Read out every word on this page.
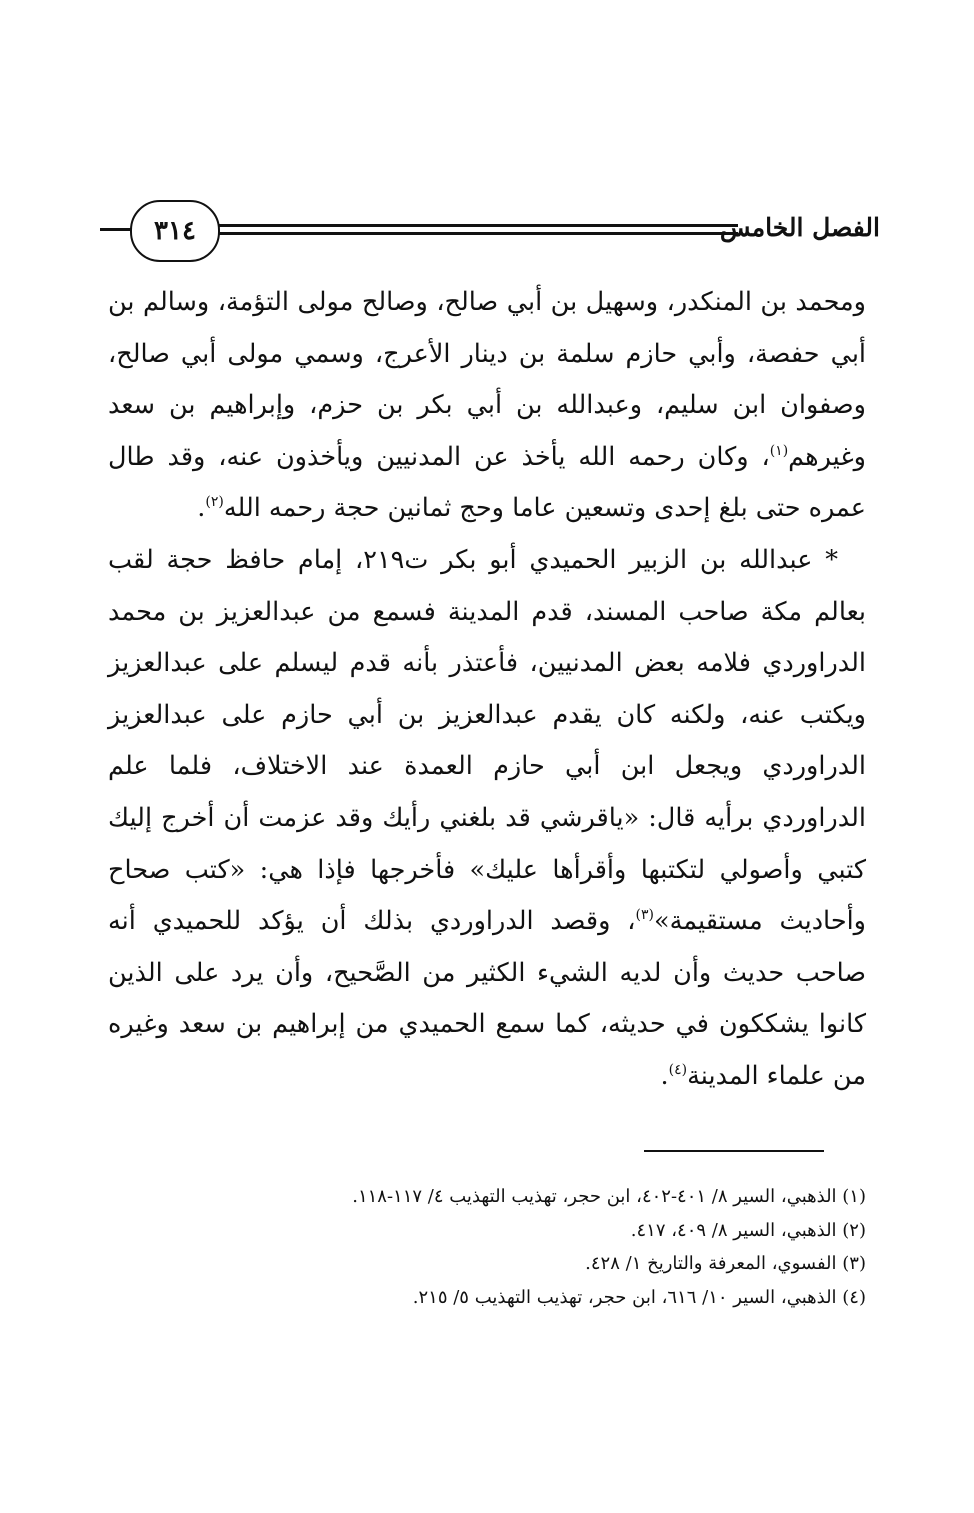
٣١٤	الفصل الخامس

ومحمد بن المنكدر، وسهيل بن أبي صالح، وصالح مولى التؤمة، وسالم بن أبي حفصة، وأبي حازم سلمة بن دينار الأعرج، وسمي مولى أبي صالح، وصفوان ابن سليم، وعبدالله بن أبي بكر بن حزم، وإبراهيم بن سعد وغيرهم$^{(١)}$، وكان رحمه الله يأخذ عن المدنيين ويأخذون عنه، وقد طال عمره حتى بلغ إحدى وتسعين عاما وحج ثمانين حجة رحمه الله$^{(٢)}$.

* عبدالله بن الزبير الحميدي أبو بكر ت٢١٩، إمام حافظ حجة لقب بعالم مكة صاحب المسند، قدم المدينة فسمع من عبدالعزيز بن محمد الدراوردي فلامه بعض المدنيين، فأعتذر بأنه قدم ليسلم على عبدالعزيز ويكتب عنه، ولكنه كان يقدم عبدالعزيز بن أبي حازم على عبدالعزيز الدراوردي ويجعل ابن أبي حازم العمدة عند الاختلاف، فلما علم الدراوردي برأيه قال: «ياقرشي قد بلغني رأيك وقد عزمت أن أخرج إليك كتبي وأصولي لتكتبها وأقرأها عليك» فأخرجها فإذا هي: «كتب صحاح وأحاديث مستقيمة»$^{(٣)}$، وقصد الدراوردي بذلك أن يؤكد للحميدي أنه صاحب حديث وأن لديه الشيء الكثير من الصَّحيح، وأن يرد على الذين كانوا يشككون في حديثه، كما سمع الحميدي من إبراهيم بن سعد وغيره من علماء المدينة$^{(٤)}$.

(١) الذهبي، السير ٨/ ٤٠١-٤٠٢، ابن حجر، تهذيب التهذيب ٤/ ١١٧-١١٨.

(٢) الذهبي، السير ٨/ ٤٠٩، ٤١٧.

(٣) الفسوي، المعرفة والتاريخ ١/ ٤٢٨.

(٤) الذهبي، السير ١٠/ ٦١٦، ابن حجر، تهذيب التهذيب ٥/ ٢١٥.
